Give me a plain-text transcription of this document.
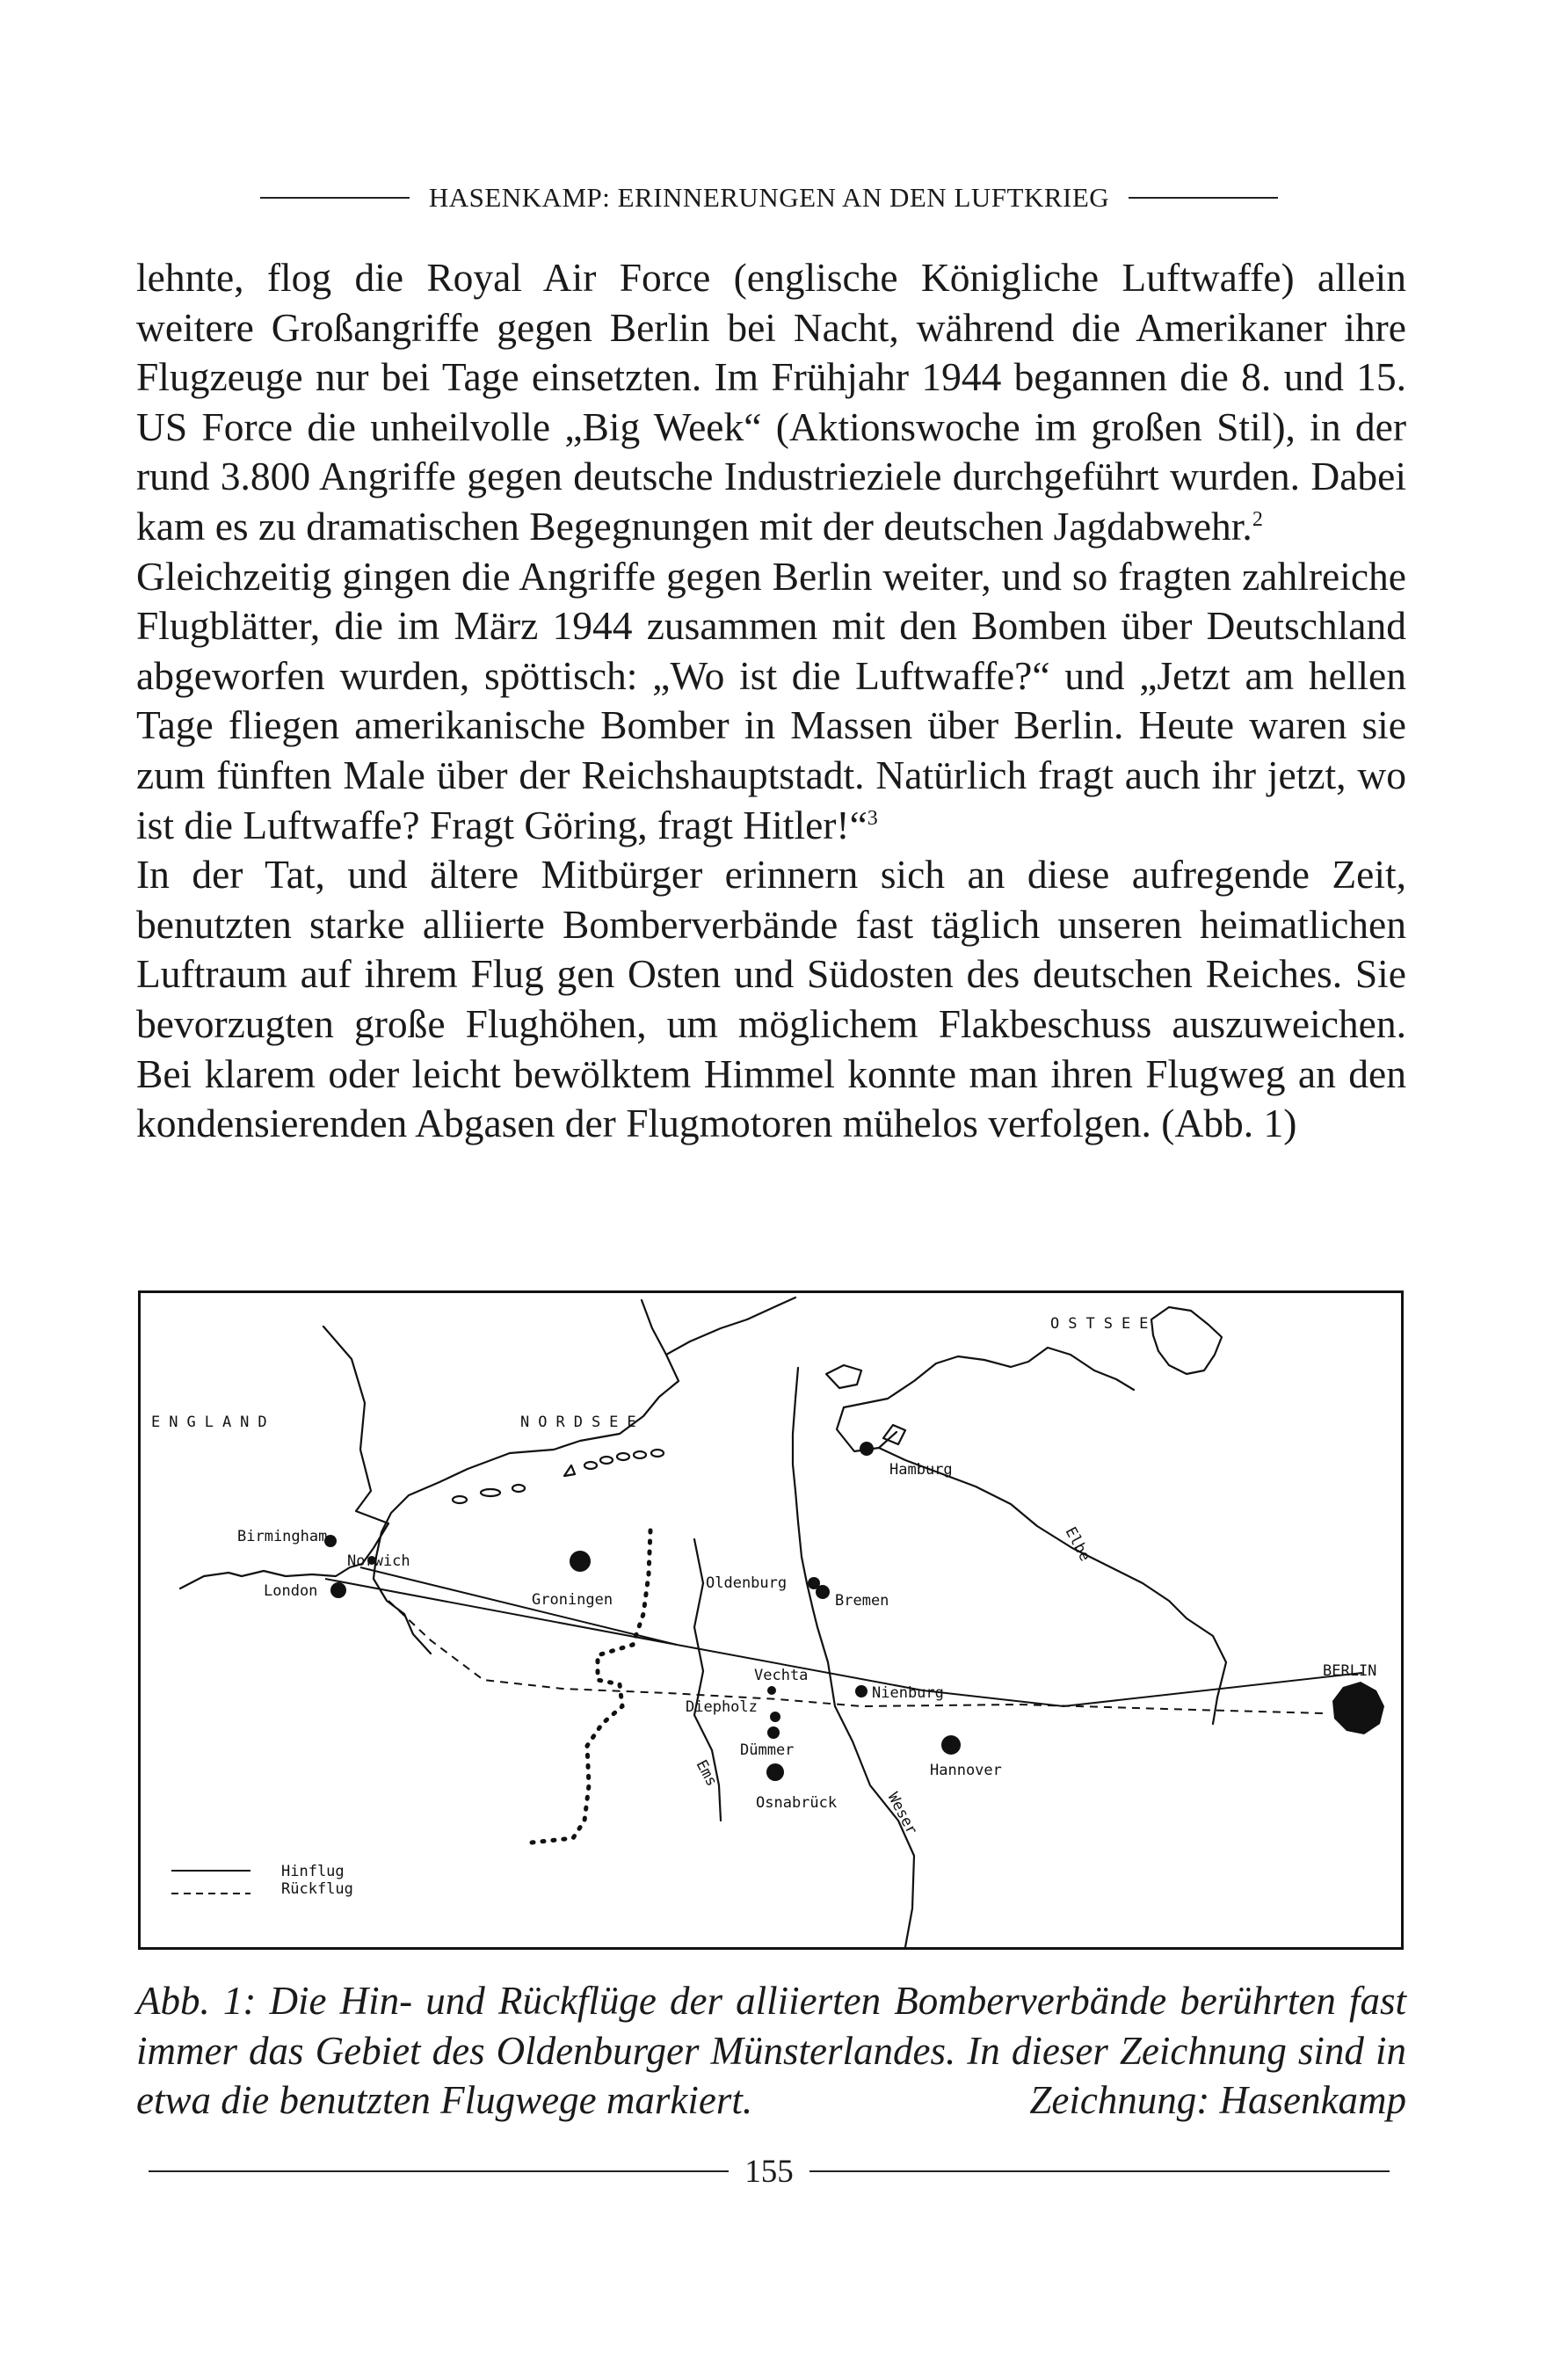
HASENKAMP: ERINNERUNGEN AN DEN LUFTKRIEG

lehnte, flog die Royal Air Force (englische Königliche Luftwaffe) allein weitere Großangriffe gegen Berlin bei Nacht, während die Amerikaner ihre Flugzeuge nur bei Tage einsetzten. Im Frühjahr 1944 begannen die 8. und 15. US Force die unheilvolle „Big Week“ (Aktionswoche im großen Stil), in der rund 3.800 Angriffe gegen deutsche Industrieziele durchgeführt wurden. Dabei kam es zu dramatischen Begegnungen mit der deutschen Jagdabwehr.$^2$

Gleichzeitig gingen die Angriffe gegen Berlin weiter, und so fragten zahlreiche Flugblätter, die im März 1944 zusammen mit den Bomben über Deutschland abgeworfen wurden, spöttisch: „Wo ist die Luftwaffe?“ und „Jetzt am hellen Tage fliegen amerikanische Bomber in Massen über Berlin. Heute waren sie zum fünften Male über der Reichshauptstadt. Natürlich fragt auch ihr jetzt, wo ist die Luftwaffe? Fragt Göring, fragt Hitler!“$^3$

In der Tat, und ältere Mitbürger erinnern sich an diese aufregende Zeit, benutzten starke alliierte Bomberverbände fast täglich unseren heimatlichen Luftraum auf ihrem Flug gen Osten und Südosten des deutschen Reiches. Sie bevorzugten große Flughöhen, um möglichem Flakbeschuss auszuweichen. Bei klarem oder leicht bewölktem Himmel konnte man ihren Flugweg an den kondensierenden Abgasen der Flugmotoren mühelos verfolgen. (Abb. 1)

ENGLAND	NORDSEE
OSTSEE
Hamburg
Birmingham
Norwich
London	Groningen
Oldenburg
Bremen
Vechta
Nienburg
Diepholz
Dümmer
Hannover
Osnabrück
BERLIN
Ems
Weser
Elbe
Hinflug
Rückflug

Abb. 1: Die Hin- und Rückflüge der alliierten Bomberverbände berührten fast immer das Gebiet des Oldenburger Münsterlandes. In dieser Zeichnung sind in etwa die benutzten Flugwege markiert.	Zeichnung: Hasenkamp

155
